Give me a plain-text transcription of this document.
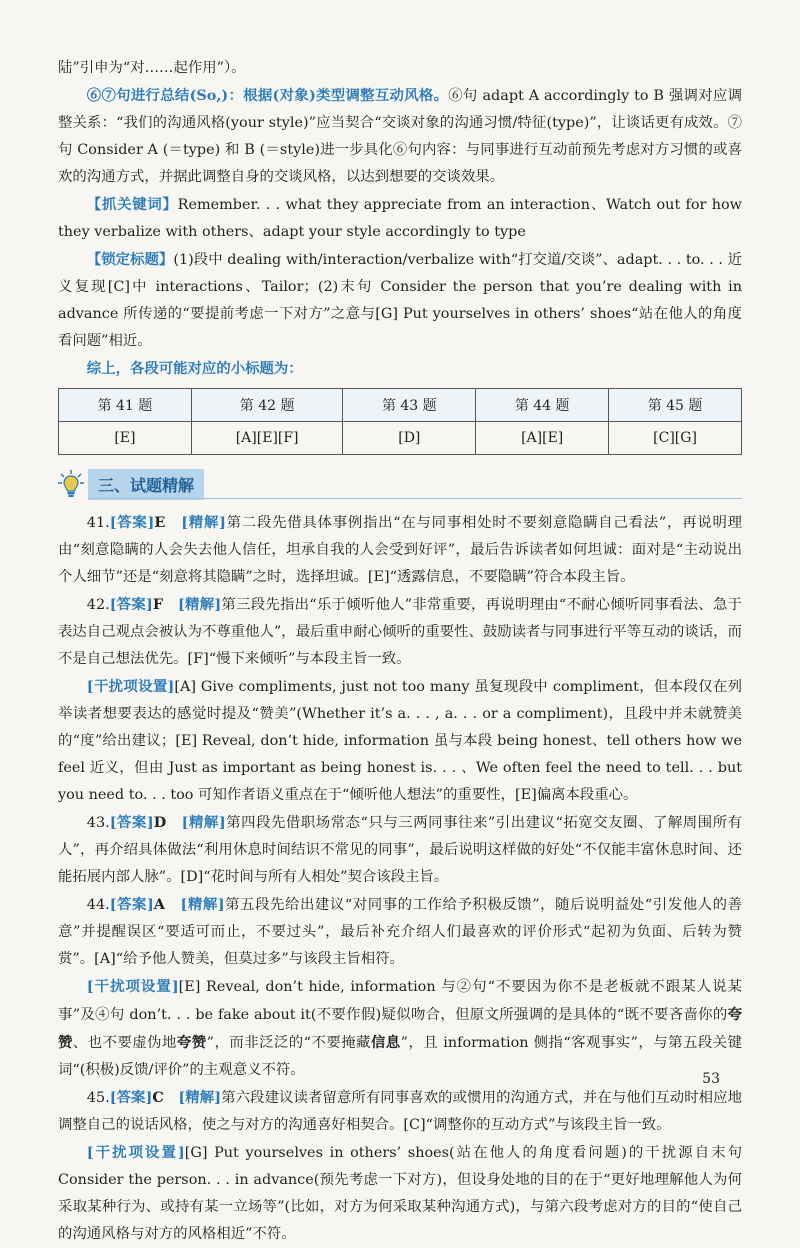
陆”引申为“对……起作用”）。

⑥⑦句进行总结(So,)：根据(对象)类型调整互动风格。⑥句 adapt A accordingly to B 强调对应调整关系：“我们的沟通风格(your style)”应当契合“交谈对象的沟通习惯/特征(type)”，让谈话更有成效。⑦句 Consider A (＝type) 和 B (＝style)进一步具化⑥句内容：与同事进行互动前预先考虑对方习惯的或喜欢的沟通方式，并据此调整自身的交谈风格，以达到想要的交谈效果。

【抓关键词】Remember. . . what they appreciate from an interaction、Watch out for how they verbalize with others、adapt your style accordingly to type

【锁定标题】(1)段中 dealing with/interaction/verbalize with“打交道/交谈”、adapt. . . to. . . 近义复现[C]中 interactions、Tailor；(2)末句 Consider the person that you’re dealing with in advance 所传递的“要提前考虑一下对方”之意与[G] Put yourselves in others’ shoes“站在他人的角度看问题”相近。

综上，各段可能对应的小标题为：

第 41 题	第 42 题	第 43 题	第 44 题	第 45 题
[E]	[A][E][F]	[D]	[A][E]	[C][G]
三、试题精解

41.[答案]E　 [精解]第二段先借具体事例指出“在与同事相处时不要刻意隐瞒自己看法”，再说明理由“刻意隐瞒的人会失去他人信任，坦承自我的人会受到好评”，最后告诉读者如何坦诚：面对是“主动说出个人细节”还是“刻意将其隐瞒”之时，选择坦诚。[E]“透露信息，不要隐瞒”符合本段主旨。

42.[答案]F　 [精解]第三段先指出“乐于倾听他人”非常重要，再说明理由“不耐心倾听同事看法、急于表达自己观点会被认为不尊重他人”，最后重申耐心倾听的重要性、鼓励读者与同事进行平等互动的谈话，而不是自己想法优先。[F]“慢下来倾听”与本段主旨一致。

[干扰项设置][A] Give compliments, just not too many 虽复现段中 compliment，但本段仅在列举读者想要表达的感觉时提及“赞美”(Whether it’s a. . . , a. . . or a compliment)，且段中并未就赞美的“度”给出建议；[E] Reveal, don’t hide, information 虽与本段 being honest、tell others how we feel 近义，但由 Just as important as being honest is. . . 、We often feel the need to tell. . . but you need to. . . too 可知作者语义重点在于“倾听他人想法”的重要性，[E]偏离本段重心。

43.[答案]D　 [精解]第四段先借职场常态“只与三两同事往来”引出建议“拓宽交友圈、了解周围所有人”，再介绍具体做法“利用休息时间结识不常见的同事”，最后说明这样做的好处“不仅能丰富休息时间、还能拓展内部人脉”。[D]“花时间与所有人相处”契合该段主旨。

44.[答案]A　 [精解]第五段先给出建议“对同事的工作给予积极反馈”，随后说明益处“引发他人的善意”并提醒误区“要适可而止，不要过头”，最后补充介绍人们最喜欢的评价形式“起初为负面、后转为赞赏”。[A]“给予他人赞美，但莫过多”与该段主旨相符。

[干扰项设置][E] Reveal, don’t hide, information 与②句“不要因为你不是老板就不跟某人说某事”及④句 don’t. . . be fake about it(不要作假)疑似吻合，但原文所强调的是具体的“既不要吝啬你的夸赞、也不要虚伪地夸赞”，而非泛泛的“不要掩藏信息”，且 information 侧指“客观事实”，与第五段关键词“(积极)反馈/评价”的主观意义不符。

45.[答案]C　 [精解]第六段建议读者留意所有同事喜欢的或惯用的沟通方式，并在与他们互动时相应地调整自己的说话风格，使之与对方的沟通喜好相契合。[C]“调整你的互动方式”与该段主旨一致。

[干扰项设置][G] Put yourselves in others’ shoes(站在他人的角度看问题)的干扰源自末句 Consider the person. . . in advance(预先考虑一下对方)，但设身处地的目的在于“更好地理解他人为何采取某种行为、或持有某一立场等”(比如，对方为何采取某种沟通方式)，与第六段考虑对方的目的“使自己的沟通风格与对方的风格相近”不符。

53
